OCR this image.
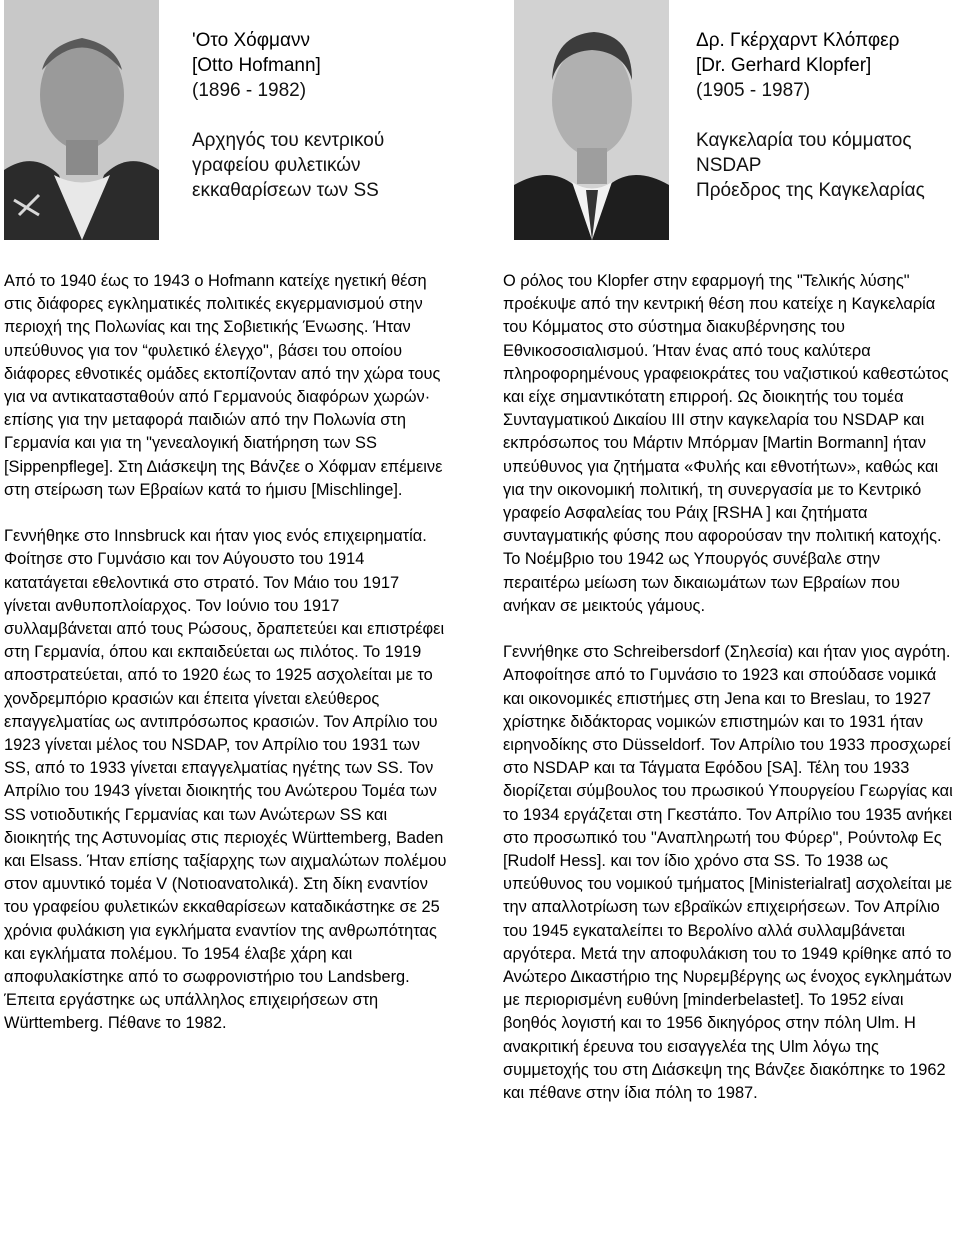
'Οτο Χόφμανν
[Otto Hofmann]
(1896 - 1982)
Αρχηγός του κεντρικού
γραφείου φυλετικών
εκκαθαρίσεων των SS
Δρ. Γκέρχαρντ Κλόπφερ
[Dr. Gerhard Klopfer]
(1905 - 1987)
Καγκελαρία του κόμματος
NSDAP
Πρόεδρος της Καγκελαρίας

Από το 1940 έως το 1943 ο Hofmann κατείχε ηγετική θέση στις διάφορες εγκληματικές πολιτικές εκγερμανισμού στην περιοχή της Πολωνίας και της Σοβιετικής Ένωσης. Ήταν υπεύθυνος για τον “φυλετικό έλεγχο", βάσει του οποίου διάφορες εθνοτικές ομάδες εκτοπίζονταν από την χώρα τους για να αντικατασταθούν από Γερμανούς διαφόρων χωρών· επίσης για την μεταφορά παιδιών από την Πολωνία στη Γερμανία και για τη "γενεαλογική διατήρηση των SS [Sippenpflege]. Στη Διάσκεψη της Βάνζεε ο Χόφμαν επέμεινε στη στείρωση των Εβραίων κατά το ήμισυ [Mischlinge].

Γεννήθηκε στο Innsbruck και ήταν γιος ενός επιχειρηματία. Φοίτησε στο Γυμνάσιο και τον Αύγουστο του 1914 κατατάγεται εθελοντικά στο στρατό. Τον Μάιο του 1917 γίνεται ανθυποπλοίαρχος. Τον Ιούνιο του 1917 συλλαμβάνεται από τους Ρώσους, δραπετεύει και επιστρέφει στη Γερμανία, όπου και εκπαιδεύεται ως πιλότος. Το 1919 αποστρατεύεται, από το 1920 έως το 1925 ασχολείται με το χονδρεμπόριο κρασιών και έπειτα γίνεται ελεύθερος επαγγελματίας ως αντιπρόσωπος κρασιών. Τον Απρίλιο του 1923 γίνεται μέλος του NSDAP, τον Απρίλιο του 1931 των SS, από το 1933 γίνεται επαγγελματίας ηγέτης των SS. Τον Απρίλιο του 1943 γίνεται διοικητής του Ανώτερου Τομέα των SS νοτιοδυτικής Γερμανίας και των Ανώτερων SS και διοικητής της Αστυνομίας στις περιοχές Württemberg, Baden και Elsass. Ήταν επίσης ταξίαρχης των αιχμαλώτων πολέμου στον αμυντικό τομέα V (Νοτιοανατολικά). Στη δίκη εναντίον του γραφείου φυλετικών εκκαθαρίσεων καταδικάστηκε σε 25 χρόνια φυλάκιση για εγκλήματα εναντίον της ανθρωπότητας και εγκλήματα πολέμου. Το 1954 έλαβε χάρη και αποφυλακίστηκε από το σωφρονιστήριο του Landsberg. Έπειτα εργάστηκε ως υπάλληλος επιχειρήσεων στη Württemberg. Πέθανε το 1982.

Ο ρόλος του Klopfer στην εφαρμογή της "Τελικής λύσης" προέκυψε από την κεντρική θέση που κατείχε η Καγκελαρία του Κόμματος στο σύστημα διακυβέρνησης του Εθνικοσοσιαλισμού. Ήταν ένας από τους καλύτερα πληροφορημένους γραφειοκράτες του ναζιστικού καθεστώτος και είχε σημαντικότατη επιρροή. Ως διοικητής του τομέα Συνταγματικού Δικαίου III στην καγκελαρία του NSDAP και εκπρόσωπος του Μάρτιν Μπόρμαν [Martin Bormann] ήταν υπεύθυνος για ζητήματα «Φυλής και εθνοτήτων», καθώς και για την οικονομική πολιτική, τη συνεργασία με το Κεντρικό γραφείο Ασφαλείας του Ράιχ [RSHA ] και ζητήματα συνταγματικής φύσης που αφορούσαν την πολιτική κατοχής. Το Νοέμβριο του 1942 ως Υπουργός συνέβαλε στην περαιτέρω μείωση των δικαιωμάτων των Εβραίων που ανήκαν σε μεικτούς γάμους.

Γεννήθηκε στο Schreibersdorf (Σηλεσία) και ήταν γιος αγρότη. Αποφοίτησε από το Γυμνάσιο το 1923 και σπούδασε νομικά και οικονομικές επιστήμες στη Jena και το Breslau, το 1927 χρίστηκε διδάκτορας νομικών επιστημών και το 1931 ήταν ειρηνοδίκης στο Düsseldorf. Τον Απρίλιο του 1933 προσχωρεί στο NSDAP και τα Τάγματα Εφόδου [SA]. Τέλη του 1933 διορίζεται σύμβουλος του πρωσικού Υπουργείου Γεωργίας και το 1934 εργάζεται στη Γκεστάπο. Τον Απρίλιο του 1935 ανήκει στο προσωπικό του "Αναπληρωτή του Φύρερ", Ρούντολφ Ες [Rudolf Hess]. και τον ίδιο χρόνο στα SS. Το 1938 ως υπεύθυνος του νομικού τμήματος [Ministerialrat] ασχολείται με την απαλλοτρίωση των εβραϊκών επιχειρήσεων. Τον Απρίλιο του 1945 εγκαταλείπει το Βερολίνο αλλά συλλαμβάνεται αργότερα. Μετά την αποφυλάκιση του το 1949 κρίθηκε από το Ανώτερο Δικαστήριο της Νυρεμβέργης ως ένοχος εγκλημάτων με περιορισμένη ευθύνη [minderbelastet]. Το 1952 είναι βοηθός λογιστή και το 1956 δικηγόρος στην πόλη Ulm. Η ανακριτική έρευνα του εισαγγελέα της Ulm λόγω της συμμετοχής του στη Διάσκεψη της Βάνζεε διακόπηκε το 1962 και πέθανε στην ίδια πόλη το 1987.
